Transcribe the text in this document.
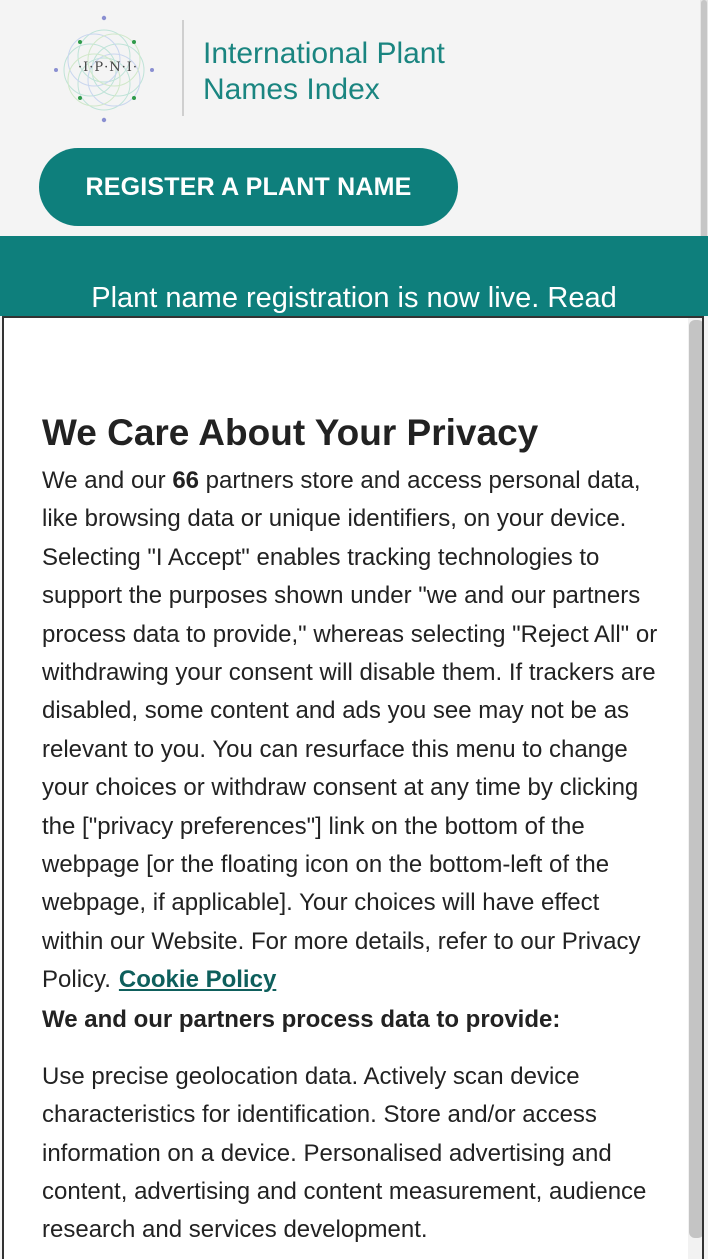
·I·P·N·I·	International Plant
Names Index
REGISTER A PLANT NAME
Plant name registration is now live. Read
We Care About Your Privacy

We and our 66 partners store and access personal data, like browsing data or unique identifiers, on your device. Selecting "I Accept" enables tracking technologies to support the purposes shown under "we and our partners process data to provide," whereas selecting "Reject All" or withdrawing your consent will disable them. If trackers are disabled, some content and ads you see may not be as relevant to you. You can resurface this menu to change your choices or withdraw consent at any time by clicking the ["privacy preferences"] link on the bottom of the webpage [or the floating icon on the bottom-left of the webpage, if applicable]. Your choices will have effect within our Website. For more details, refer to our Privacy Policy. Cookie Policy

We and our partners process data to provide:

Use precise geolocation data. Actively scan device characteristics for identification. Store and/or access information on a device. Personalised advertising and content, advertising and content measurement, audience research and services development.
